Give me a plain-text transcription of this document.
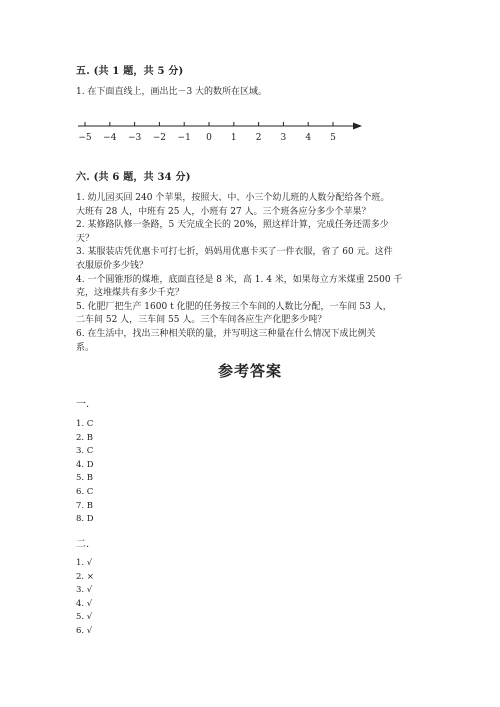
五. (共 1 题，共 5 分)
1. 在下面直线上，画出比－3 大的数所在区域。
−5 −4 −3 −2 −1 0 1 2 3 4 5
六. (共 6 题，共 34 分)

1. 幼儿园买回 240 个苹果，按照大、中、小三个幼儿班的人数分配给各个班。

大班有 28 人，中班有 25 人，小班有 27 人。三个班各应分多少个苹果？

2. 某修路队修一条路，5 天完成全长的 20%，照这样计算，完成任务还需多少

天？

3. 某服装店凭优惠卡可打七折，妈妈用优惠卡买了一件衣服，省了 60 元。这件

衣服原价多少钱？

4. 一个圆锥形的煤堆，底面直径是 8 米，高 1. 4 米，如果每立方米煤重 2500 千

克，这堆煤共有多少千克？

5. 化肥厂把生产 1600 t 化肥的任务按三个车间的人数比分配，一车间 53 人，

二车间 52 人，三车间 55 人。三个车间各应生产化肥多少吨？

6. 在生活中，找出三种相关联的量，并写明这三种量在什么情况下成比例关

系。

参考答案
一.
1. C
2. B
3. C
4. D
5. B
6. C
7. B
8. D
二.
1. √
2. ×
3. √
4. √
5. √
6. √
